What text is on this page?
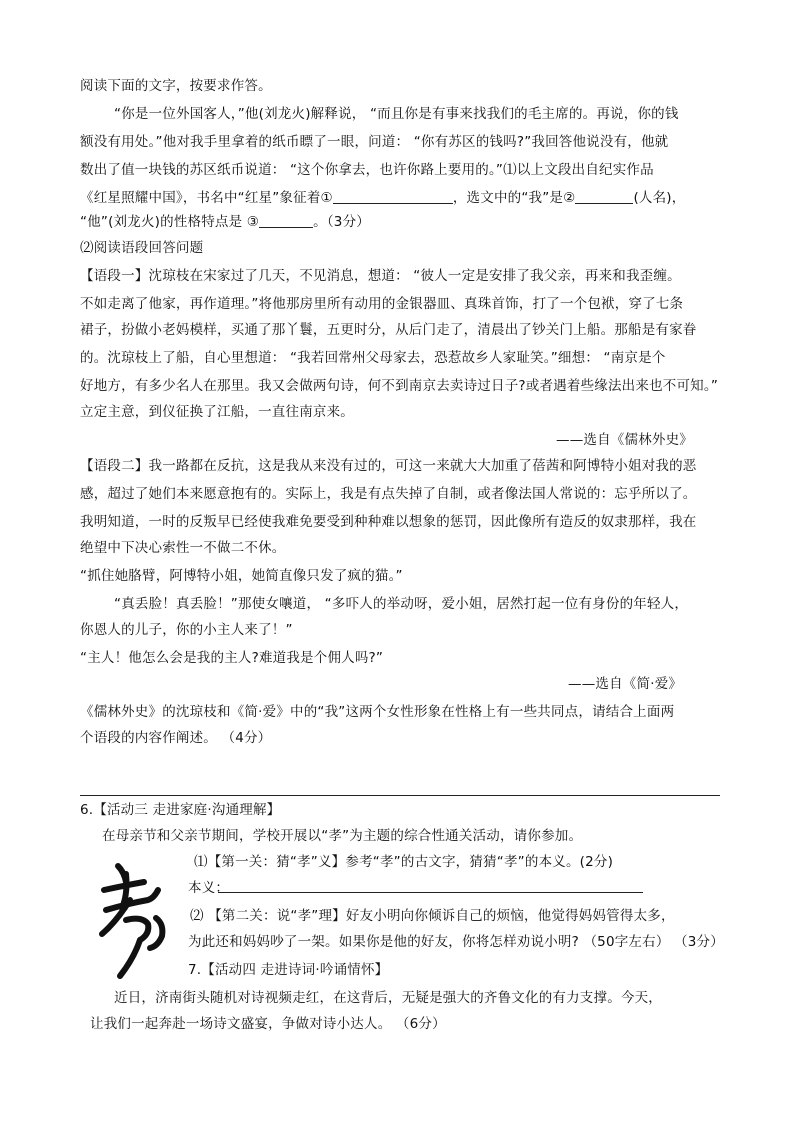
阅读下面的文字，按要求作答。
“你是一位外国客人，”他(刘龙火)解释说， “而且你是有事来找我们的毛主席的。再说，你的钱
额没有用处。”他对我手里拿着的纸币瞟了一眼，问道： “你有苏区的钱吗?”我回答他说没有，他就
数出了值一块钱的苏区纸币说道： “这个你拿去，也许你路上要用的。”⑴以上文段出自纪实作品
《红星照耀中国》，书名中“红星”象征着①	，选文中的“我”是②	(人名)，
“他”(刘龙火)的性格特点是 ③	。（3分）
⑵阅读语段回答问题
【语段一】沈琼枝在宋家过了几天，不见消息，想道： “彼人一定是安排了我父亲，再来和我歪缠。
不如走离了他家，再作道理。”将他那房里所有动用的金银器皿、真珠首饰，打了一个包袱，穿了七条
裙子，扮做小老妈模样，买通了那丫鬟，五更时分，从后门走了，清晨出了钞关门上船。那船是有家眷
的。沈琼枝上了船，自心里想道： “我若回常州父母家去，恐惹故乡人家耻笑。”细想： “南京是个
好地方，有多少名人在那里。我又会做两句诗，何不到南京去卖诗过日子?或者遇着些缘法出来也不可知。”
立定主意，到仪征换了江船，一直往南京来。
——选自《儒林外史》
【语段二】我一路都在反抗，这是我从来没有过的，可这一来就大大加重了蓓茜和阿博特小姐对我的恶
感，超过了她们本来愿意抱有的。实际上，我是有点失掉了自制，或者像法国人常说的：忘乎所以了。
我明知道，一时的反叛早已经使我难免要受到种种难以想象的惩罚，因此像所有造反的奴隶那样，我在
绝望中下决心索性一不做二不休。
“抓住她胳臂，阿博特小姐，她简直像只发了疯的猫。”
“真丢脸！真丢脸！”那使女嚷道， “多吓人的举动呀，爱小姐，居然打起一位有身份的年轻人，
你恩人的儿子，你的小主人来了！”
“主人！他怎么会是我的主人?难道我是个佣人吗?”
——选自《简·爱》
《儒林外史》的沈琼枝和《简·爱》中的“我”这两个女性形象在性格上有一些共同点，请结合上面两
个语段的内容作阐述。 （4分）
6.【活动三 走进家庭·沟通理解】
在母亲节和父亲节期间，学校开展以“孝”为主题的综合性通关活动，请你参加。
⑴【第一关：猜“孝”义】参考“孝”的古文字，猜猜“孝”的本义。(2分)
本义：
⑵ 【第二关：说“孝”理】好友小明向你倾诉自己的烦恼，他觉得妈妈管得太多，
为此还和妈妈吵了一架。如果你是他的好友，你将怎样劝说小明? （50字左右） （3分）
7.【活动四 走进诗词·吟诵情怀】
近日，济南街头随机对诗视频走红，在这背后，无疑是强大的齐鲁文化的有力支撑。今天，
让我们一起奔赴一场诗文盛宴，争做对诗小达人。 （6分）
